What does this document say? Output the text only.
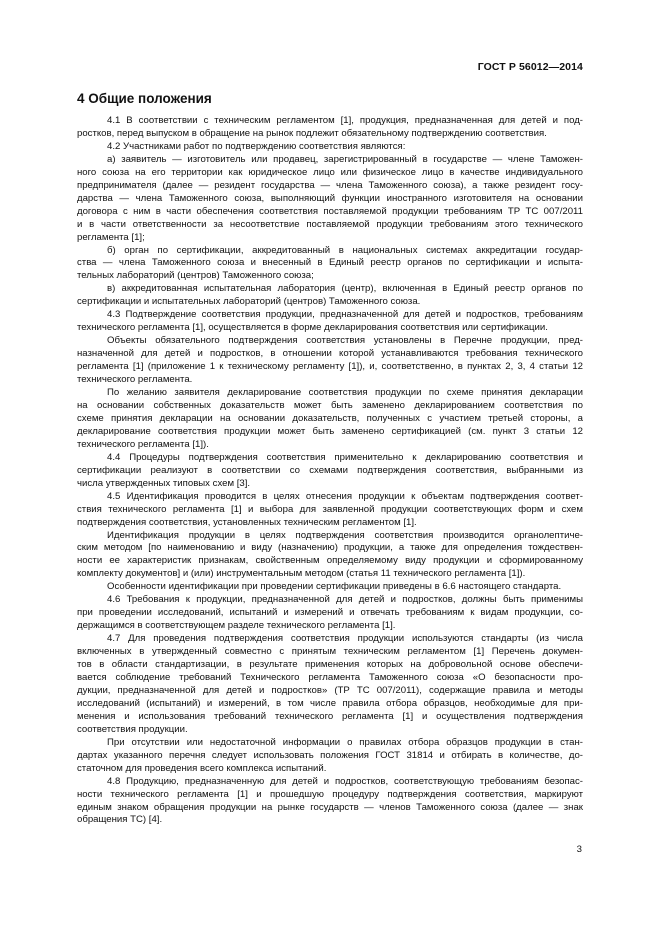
ГОСТ Р 56012—2014
4 Общие положения
4.1 В соответствии с техническим регламентом [1], продукция, предназначенная для детей и под-
ростков, перед выпуском в обращение на рынок подлежит обязательному подтверждению соответствия.
4.2 Участниками работ по подтверждению соответствия являются:
а) заявитель — изготовитель или продавец, зарегистрированный в государстве — члене Таможен-
ного союза на его территории как юридическое лицо или физическое лицо в качестве индивидуального
предпринимателя (далее — резидент государства — члена Таможенного союза), а также резидент госу-
дарства — члена Таможенного союза, выполняющий функции иностранного изготовителя на основании
договора с ним в части обеспечения соответствия поставляемой продукции требованиям ТР ТС 007/2011
и в части ответственности за несоответствие поставляемой продукции требованиям этого технического
регламента [1];
б) орган по сертификации, аккредитованный в национальных системах аккредитации государ-
ства — члена Таможенного союза и внесенный в Единый реестр органов по сертификации и испыта-
тельных лабораторий (центров) Таможенного союза;
в) аккредитованная испытательная лаборатория (центр), включенная в Единый реестр органов по
сертификации и испытательных лабораторий (центров) Таможенного союза.
4.3 Подтверждение соответствия продукции, предназначенной для детей и подростков, требованиям
технического регламента [1], осуществляется в форме декларирования соответствия или сертификации.
Объекты обязательного подтверждения соответствия установлены в Перечне продукции, пред-
назначенной для детей и подростков, в отношении которой устанавливаются требования технического
регламента [1] (приложение 1 к техническому регламенту [1]), и, соответственно, в пунктах 2, 3, 4 статьи 12
технического регламента.
По желанию заявителя декларирование соответствия продукции по схеме принятия декларации
на основании собственных доказательств может быть заменено декларированием соответствия по
схеме принятия декларации на основании доказательств, полученных с участием третьей стороны, а
декларирование соответствия продукции может быть заменено сертификацией (см. пункт 3 статьи 12
технического регламента [1]).
4.4 Процедуры подтверждения соответствия применительно к декларированию соответствия и
сертификации реализуют в соответствии со схемами подтверждения соответствия, выбранными из
числа утвержденных типовых схем [3].
4.5 Идентификация проводится в целях отнесения продукции к объектам подтверждения соответ-
ствия технического регламента [1] и выбора для заявленной продукции соответствующих форм и схем
подтверждения соответствия, установленных техническим регламентом [1].
Идентификация продукции в целях подтверждения соответствия производится органолептиче-
ским методом [по наименованию и виду (назначению) продукции, а также для определения тождествен-
ности ее характеристик признакам, свойственным определяемому виду продукции и сформированному
комплекту документов] и (или) инструментальным методом (статья 11 технического регламента [1]).
Особенности идентификации при проведении сертификации приведены в 6.6 настоящего стандарта.
4.6 Требования к продукции, предназначенной для детей и подростков, должны быть применимы
при проведении исследований, испытаний и измерений и отвечать требованиям к видам продукции, со-
держащимся в соответствующем разделе технического регламента [1].
4.7 Для проведения подтверждения соответствия продукции используются стандарты (из числа
включенных в утвержденный совместно с принятым техническим регламентом [1] Перечень докумен-
тов в области стандартизации, в результате применения которых на добровольной основе обеспечи-
вается соблюдение требований Технического регламента Таможенного союза «О безопасности про-
дукции, предназначенной для детей и подростков» (ТР ТС 007/2011), содержащие правила и методы
исследований (испытаний) и измерений, в том числе правила отбора образцов, необходимые для при-
менения и использования требований технического регламента [1] и осуществления подтверждения
соответствия продукции.
При отсутствии или недостаточной информации о правилах отбора образцов продукции в стан-
дартах указанного перечня следует использовать положения ГОСТ 31814 и отбирать в количестве, до-
статочном для проведения всего комплекса испытаний.
4.8 Продукцию, предназначенную для детей и подростков, соответствующую требованиям безопас-
ности технического регламента [1] и прошедшую процедуру подтверждения соответствия, маркируют
единым знаком обращения продукции на рынке государств — членов Таможенного союза (далее — знак
обращения ТС) [4].
3
